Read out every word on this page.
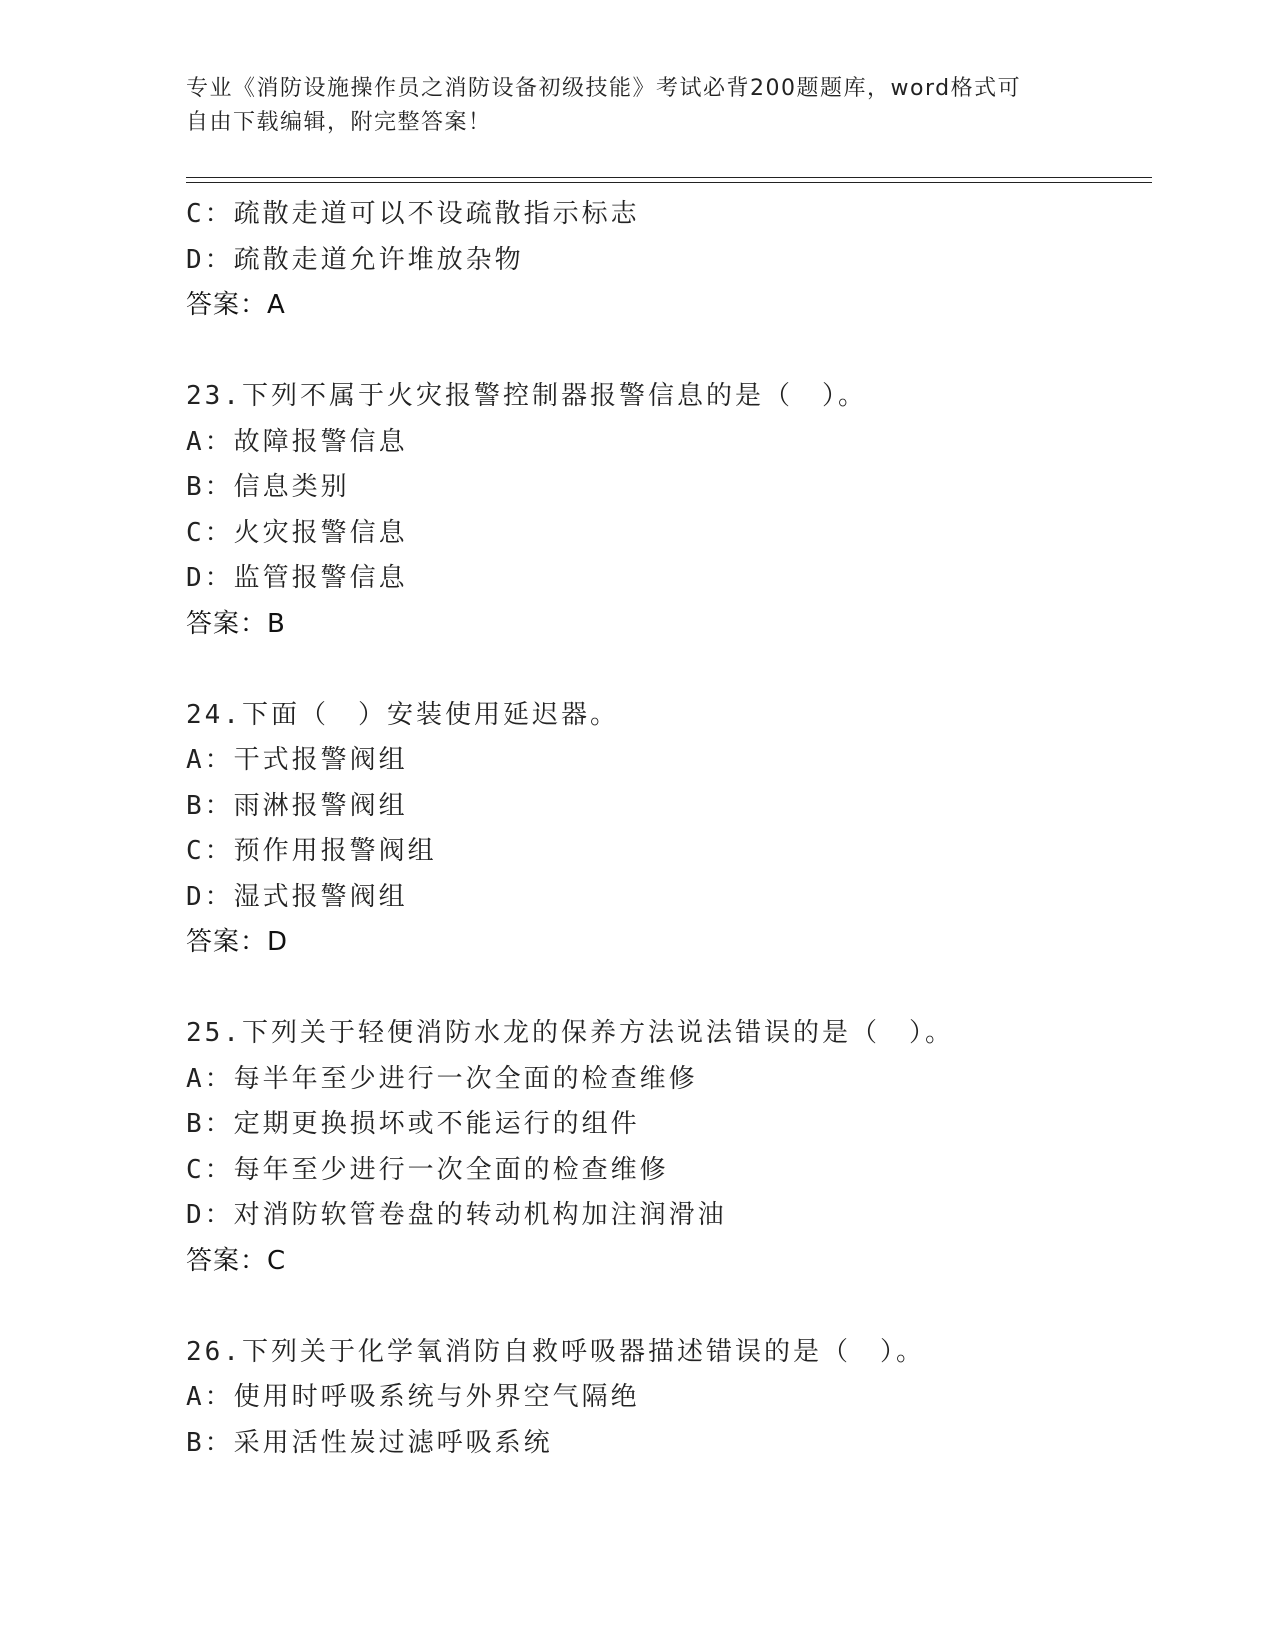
专业《消防设施操作员之消防设备初级技能》考试必背200题题库，word格式可
自由下载编辑，附完整答案！
C：疏散走道可以不设疏散指示标志
D：疏散走道允许堆放杂物
答案：A
23.下列不属于火灾报警控制器报警信息的是（　）。
A：故障报警信息
B：信息类别
C：火灾报警信息
D：监管报警信息
答案：B
24.下面（　）安装使用延迟器。
A：干式报警阀组
B：雨淋报警阀组
C：预作用报警阀组
D：湿式报警阀组
答案：D
25.下列关于轻便消防水龙的保养方法说法错误的是（　）。
A：每半年至少进行一次全面的检查维修
B：定期更换损坏或不能运行的组件
C：每年至少进行一次全面的检查维修
D：对消防软管卷盘的转动机构加注润滑油
答案：C
26.下列关于化学氧消防自救呼吸器描述错误的是（　）。
A：使用时呼吸系统与外界空气隔绝
B：采用活性炭过滤呼吸系统
